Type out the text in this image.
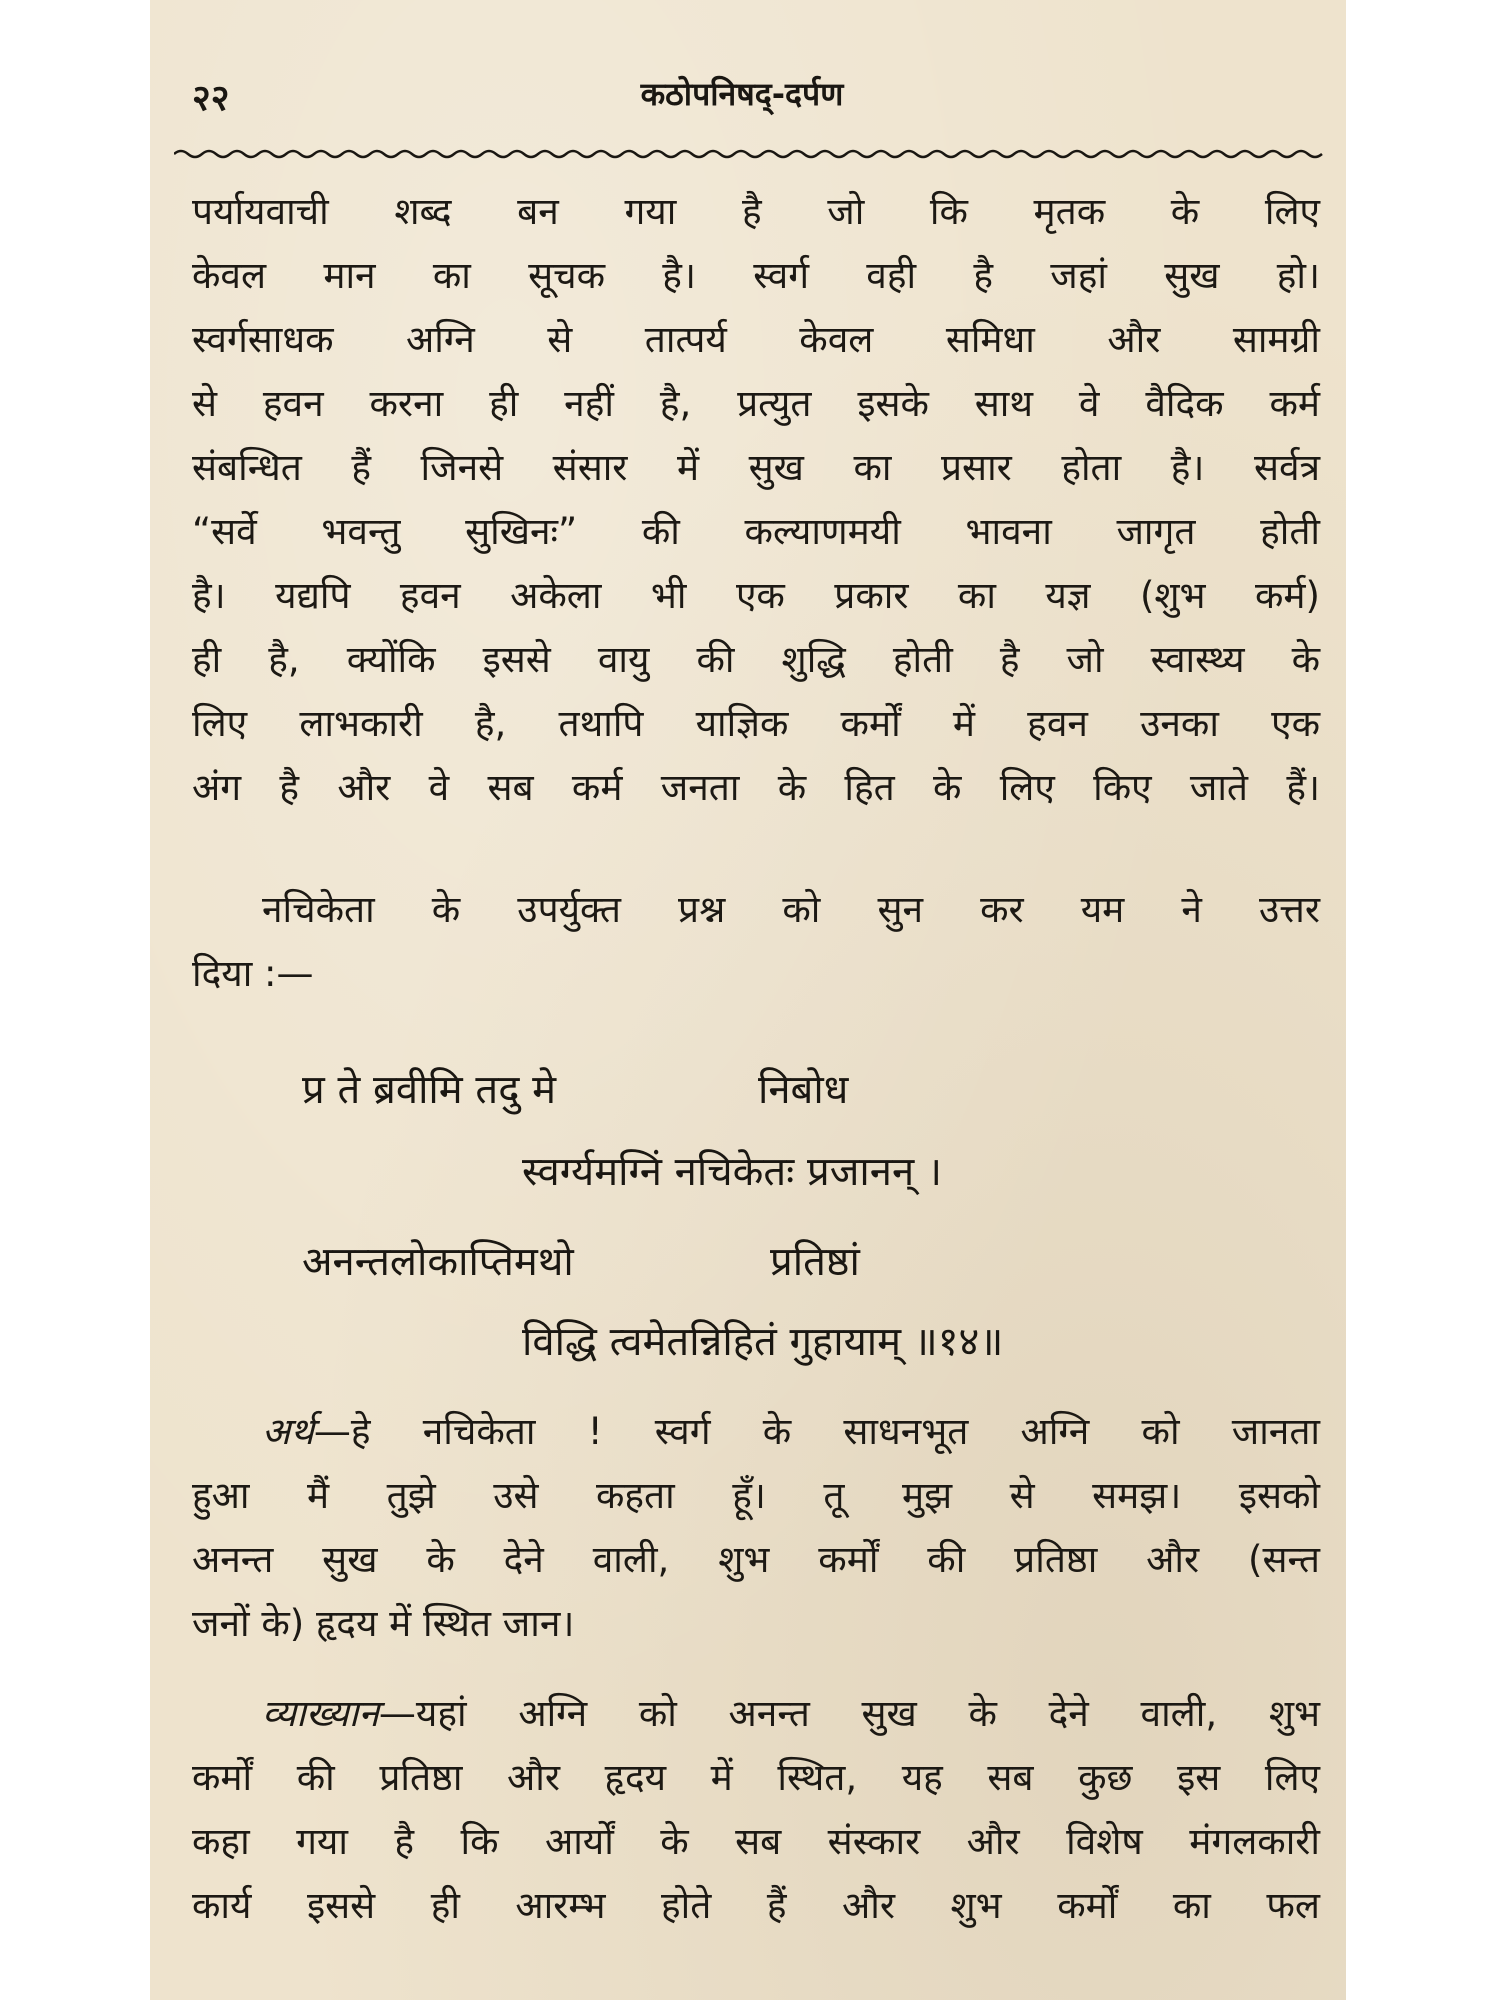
२२	कठोपनिषद्-दर्पण
पर्यायवाची शब्द बन गया है जो कि मृतक के लिए
केवल मान का सूचक है। स्वर्ग वही है जहां सुख हो।
स्वर्गसाधक अग्नि से तात्पर्य केवल समिधा और सामग्री
से हवन करना ही नहीं है, प्रत्युत इसके साथ वे वैदिक कर्म
संबन्धित हैं जिनसे संसार में सुख का प्रसार होता है। सर्वत्र
“सर्वे भवन्तु सुखिनः” की कल्याणमयी भावना जागृत होती
है। यद्यपि हवन अकेला भी एक प्रकार का यज्ञ (शुभ कर्म)
ही है, क्योंकि इससे वायु की शुद्धि होती है जो स्वास्थ्य के
लिए लाभकारी है, तथापि याज्ञिक कर्मों में हवन उनका एक
अंग है और वे सब कर्म जनता के हित के लिए किए जाते हैं।
नचिकेता के उपर्युक्त प्रश्न को सुन कर यम ने उत्तर
दिया :—
प्र ते ब्रवीमि तदु मे	निबोध
स्वर्ग्यमग्निं नचिकेतः प्रजानन् ।
अनन्तलोकाप्तिमथो	प्रतिष्ठां
विद्धि त्वमेतन्निहितं गुहायाम् ॥१४॥
अर्थ—हे नचिकेता ! स्वर्ग के साधनभूत अग्नि को जानता
हुआ मैं तुझे उसे कहता हूँ। तू मुझ से समझ। इसको
अनन्त सुख के देने वाली, शुभ कर्मों की प्रतिष्ठा और (सन्त
जनों के) हृदय में स्थित जान।
व्याख्यान—यहां अग्नि को अनन्त सुख के देने वाली, शुभ
कर्मों की प्रतिष्ठा और हृदय में स्थित, यह सब कुछ इस लिए
कहा गया है कि आर्यों के सब संस्कार और विशेष मंगलकारी
कार्य इससे ही आरम्भ होते हैं और शुभ कर्मों का फल
